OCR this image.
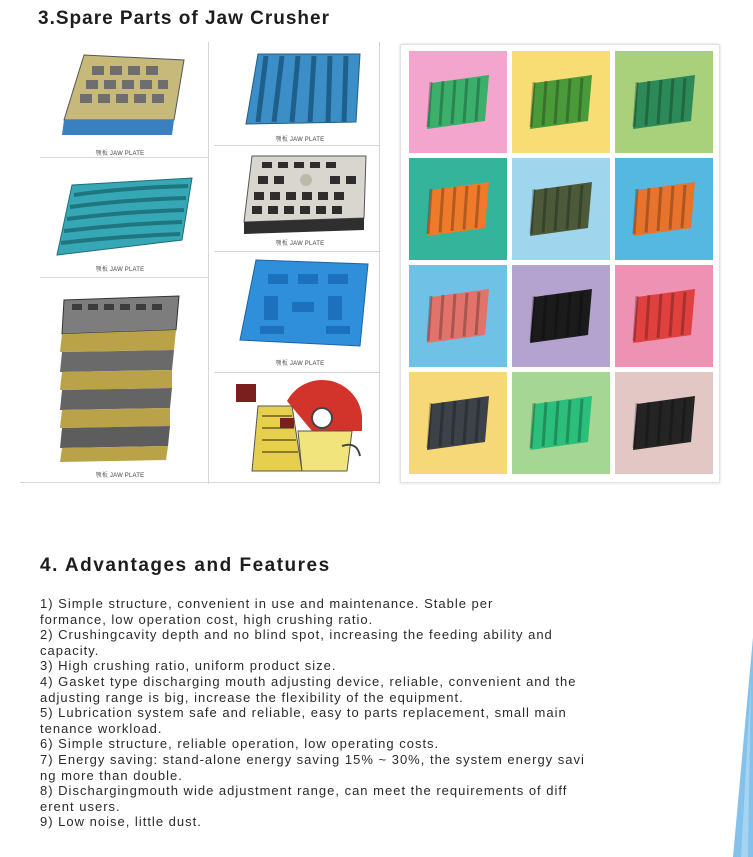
3.Spare Parts of Jaw Crusher
颚板 JAW PLATE
颚板 JAW PLATE
颚板 JAW PLATE
颚板 JAW PLATE
颚板 JAW PLATE
颚板 JAW PLATE
4. Advantages and Features
1) Simple structure, convenient in use and maintenance. Stable per
formance, low operation cost, high crushing ratio.
2) Crushingcavity depth and no blind spot, increasing the feeding ability and
capacity.
3) High crushing ratio, uniform product size.
4) Gasket type discharging mouth adjusting device, reliable, convenient and the
adjusting range is big, increase the flexibility of the equipment.
5) Lubrication system safe and reliable, easy to parts replacement, small main
tenance workload.
6) Simple structure, reliable operation, low operating costs.
7) Energy saving: stand-alone energy saving 15% ~ 30%, the system energy savi
ng more than double.
8) Dischargingmouth wide adjustment range, can meet the requirements of diff
erent users.
9) Low noise, little dust.
